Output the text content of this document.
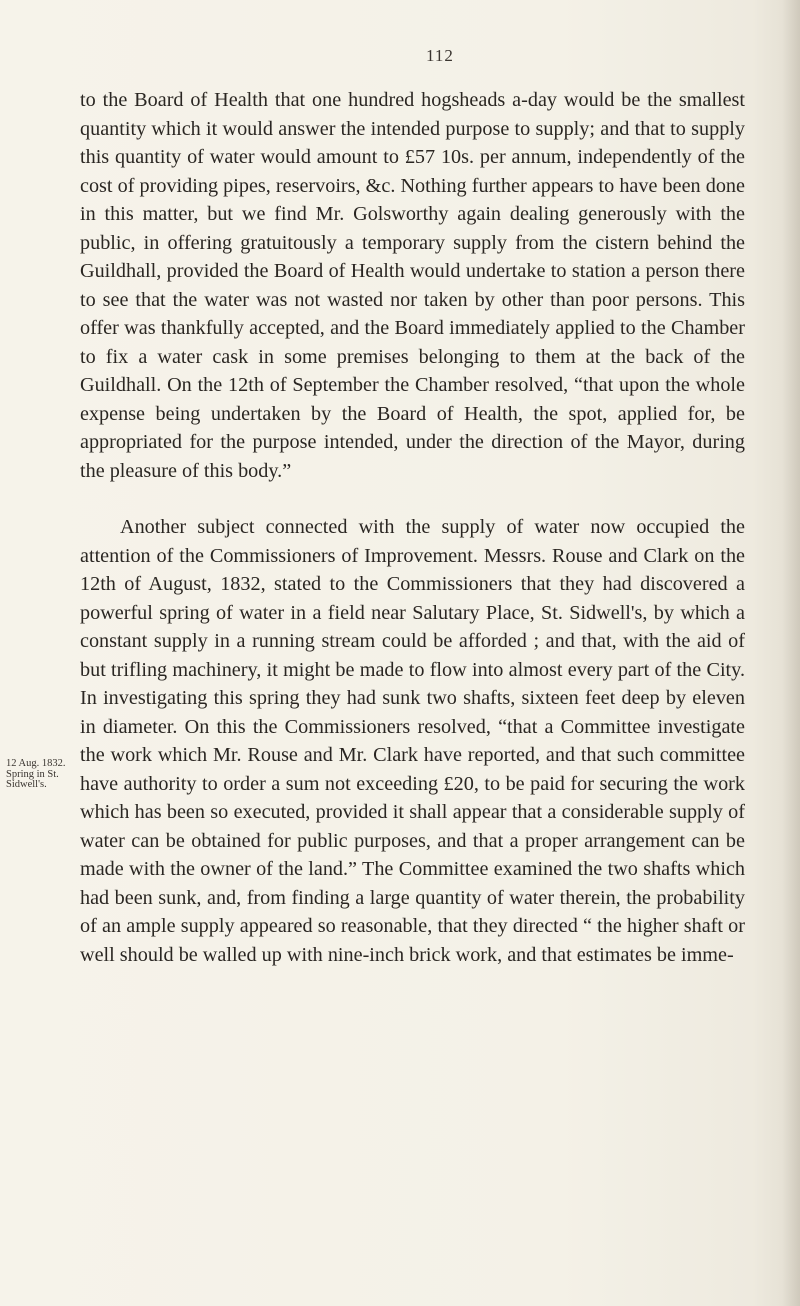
112

to the Board of Health that one hundred hogsheads a-day would be the smallest quantity which it would answer the intended purpose to supply; and that to supply this quantity of water would amount to £57 10s. per annum, independently of the cost of providing pipes, reservoirs, &c. Nothing further appears to have been done in this matter, but we find Mr. Golsworthy again dealing generously with the public, in offering gratuitously a temporary supply from the cistern behind the Guildhall, provided the Board of Health would undertake to station a person there to see that the water was not wasted nor taken by other than poor persons. This offer was thankfully accepted, and the Board immediately applied to the Chamber to fix a water cask in some premises belonging to them at the back of the Guildhall. On the 12th of September the Chamber resolved, “that upon the whole expense being undertaken by the Board of Health, the spot, applied for, be appropriated for the purpose intended, under the direction of the Mayor, during the pleasure of this body.”

Another subject connected with the supply of water now occupied the attention of the Commissioners of Improvement. Messrs. Rouse and Clark on the 12th of August, 1832, stated to the Commissioners that they had discovered a powerful spring of water in a field near Salutary Place, St. Sidwell's, by which a constant supply in a running stream could be afforded ; and that, with the aid of but trifling machinery, it might be made to flow into almost every part of the City. In investigating this spring they had sunk two shafts, sixteen feet deep by eleven in diameter. On this the Commissioners resolved, “that a Committee investigate the work which Mr. Rouse and Mr. Clark have reported, and that such committee have authority to order a sum not exceeding £20, to be paid for securing the work which has been so executed, provided it shall appear that a considerable supply of water can be obtained for public purposes, and that a proper arrangement can be made with the owner of the land.” The Committee examined the two shafts which had been sunk, and, from finding a large quantity of water therein, the probability of an ample supply appeared so reasonable, that they directed “ the higher shaft or well should be walled up with nine-inch brick work, and that estimates be imme-

12 Aug. 1832.
Spring in St.
Sidwell's.
